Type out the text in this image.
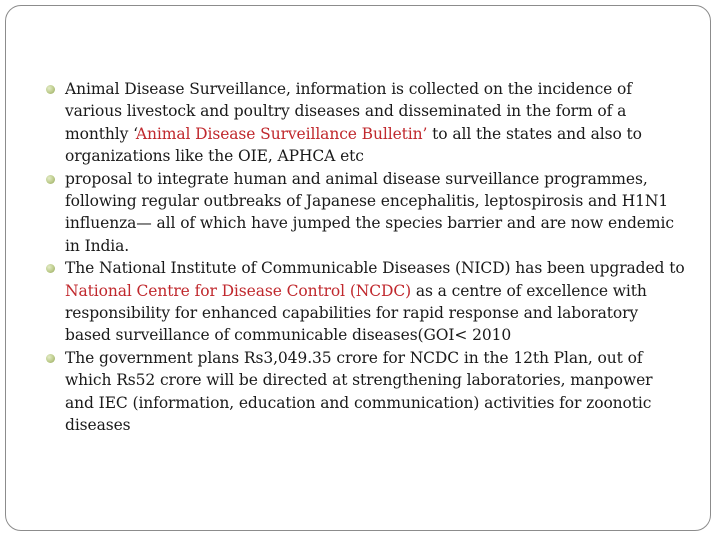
Animal Disease Surveillance, information is collected on the incidence of various livestock and poultry diseases and disseminated in the form of a monthly ‘Animal Disease Surveillance Bulletin’ to all the states and also to organizations like the OIE, APHCA etc
proposal to integrate human and animal disease surveillance programmes, following regular outbreaks of Japanese encephalitis, leptospirosis and H1N1 influenza— all of which have jumped the species barrier and are now endemic in India.
The National Institute of Communicable Diseases (NICD) has been upgraded to National Centre for Disease Control (NCDC) as a centre of excellence with responsibility for enhanced capabilities for rapid response and laboratory based surveillance of communicable diseases(GOI< 2010
The government plans Rs3,049.35 crore for NCDC in the 12th Plan, out of which Rs52 crore will be directed at strengthening laboratories, manpower and IEC (information, education and communication) activities for zoonotic diseases
